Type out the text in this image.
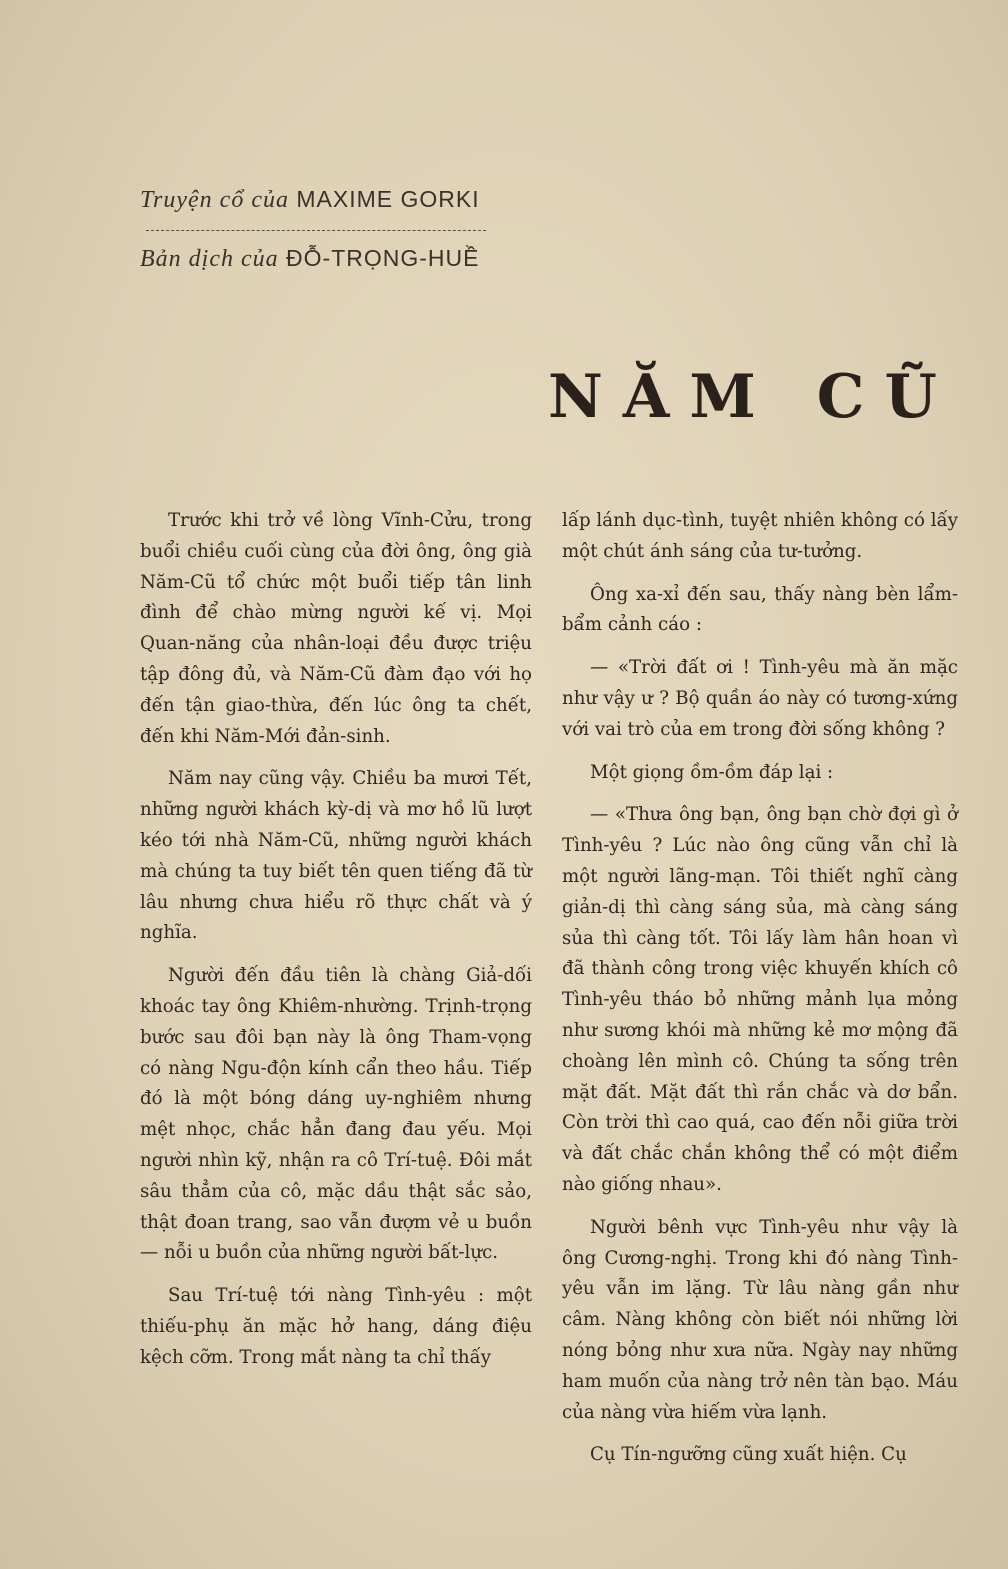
Truyện cổ của MAXIME GORKI
Bản dịch của ĐỖ-TRỌNG-HUỀ
NĂM CŨ

Trước khi trở về lòng Vĩnh-Cửu, trong buổi chiều cuối cùng của đời ông, ông già Năm-Cũ tổ chức một buổi tiếp tân linh đình để chào mừng người kế vị. Mọi Quan-năng của nhân-loại đều được triệu tập đông đủ, và Năm-Cũ đàm đạo với họ đến tận giao-thừa, đến lúc ông ta chết, đến khi Năm-Mới đản-sinh.

Năm nay cũng vậy. Chiều ba mươi Tết, những người khách kỳ-dị và mơ hồ lũ lượt kéo tới nhà Năm-Cũ, những người khách mà chúng ta tuy biết tên quen tiếng đã từ lâu nhưng chưa hiểu rõ thực chất và ý nghĩa.

Người đến đầu tiên là chàng Giả-dối khoác tay ông Khiêm-nhường. Trịnh-trọng bước sau đôi bạn này là ông Tham-vọng có nàng Ngu-độn kính cẩn theo hầu. Tiếp đó là một bóng dáng uy-nghiêm nhưng mệt nhọc, chắc hẳn đang đau yếu. Mọi người nhìn kỹ, nhận ra cô Trí-tuệ. Đôi mắt sâu thẳm của cô, mặc dầu thật sắc sảo, thật đoan trang, sao vẫn đượm vẻ u buồn — nỗi u buồn của những người bất-lực.

Sau Trí-tuệ tới nàng Tình-yêu : một thiếu-phụ ăn mặc hở hang, dáng điệu kệch cỡm. Trong mắt nàng ta chỉ thấy

lấp lánh dục-tình, tuyệt nhiên không có lấy một chút ánh sáng của tư-tưởng.

Ông xa-xỉ đến sau, thấy nàng bèn lẩm-bẩm cảnh cáo :

— «Trời đất ơi ! Tình-yêu mà ăn mặc như vậy ư ? Bộ quần áo này có tương-xứng với vai trò của em trong đời sống không ?

Một giọng ồm-ồm đáp lại :

— «Thưa ông bạn, ông bạn chờ đợi gì ở Tình-yêu ? Lúc nào ông cũng vẫn chỉ là một người lãng-mạn. Tôi thiết nghĩ càng giản-dị thì càng sáng sủa, mà càng sáng sủa thì càng tốt. Tôi lấy làm hân hoan vì đã thành công trong việc khuyến khích cô Tình-yêu tháo bỏ những mảnh lụa mỏng như sương khói mà những kẻ mơ mộng đã choàng lên mình cô. Chúng ta sống trên mặt đất. Mặt đất thì rắn chắc và dơ bẩn. Còn trời thì cao quá, cao đến nỗi giữa trời và đất chắc chắn không thể có một điểm nào giống nhau».

Người bênh vực Tình-yêu như vậy là ông Cương-nghị. Trong khi đó nàng Tình-yêu vẫn im lặng. Từ lâu nàng gần như câm. Nàng không còn biết nói những lời nóng bỏng như xưa nữa. Ngày nay những ham muốn của nàng trở nên tàn bạo. Máu của nàng vừa hiếm vừa lạnh.

Cụ Tín-ngưỡng cũng xuất hiện. Cụ
